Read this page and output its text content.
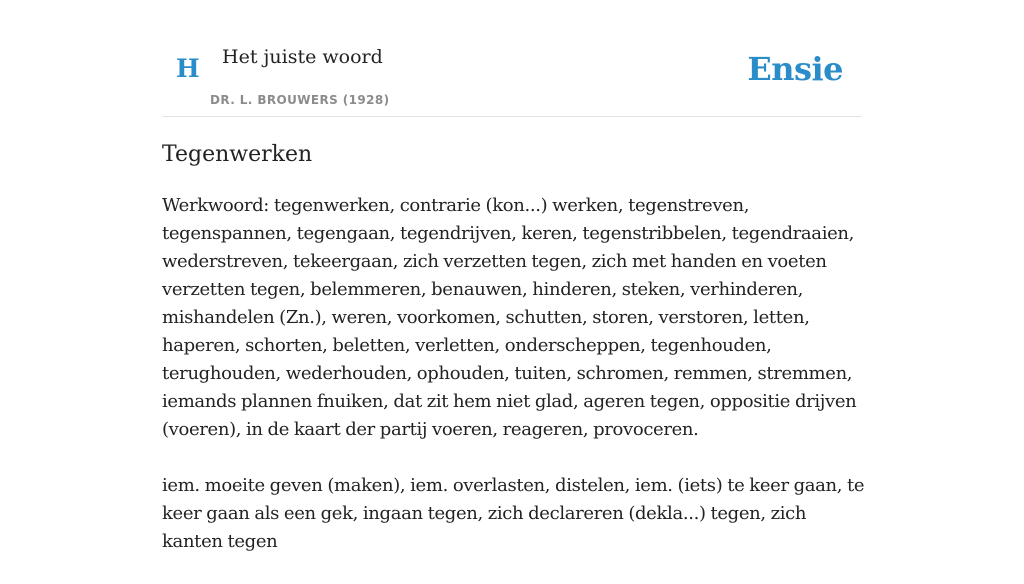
H Het juiste woord
DR. L. BROUWERS (1928)
Ensie
Tegenwerken

Werkwoord: tegenwerken, contrarie (kon...) werken, tegenstreven, tegenspannen, tegengaan, tegendrijven, keren, tegenstribbelen, tegendraaien, wederstreven, tekeergaan, zich verzetten tegen, zich met handen en voeten verzetten tegen, belemmeren, benauwen, hinderen, steken, verhinderen, mishandelen (Zn.), weren, voorkomen, schutten, storen, verstoren, letten, haperen, schorten, beletten, verletten, onderscheppen, tegenhouden, terughouden, wederhouden, ophouden, tuiten, schromen, remmen, stremmen, iemands plannen fnuiken, dat zit hem niet glad, ageren tegen, oppositie drijven (voeren), in de kaart der partij voeren, reageren, provoceren.

iem. moeite geven (maken), iem. overlasten, distelen, iem. (iets) te keer gaan, te keer gaan als een gek, ingaan tegen, zich declareren (dekla...) tegen, zich kanten tegen
